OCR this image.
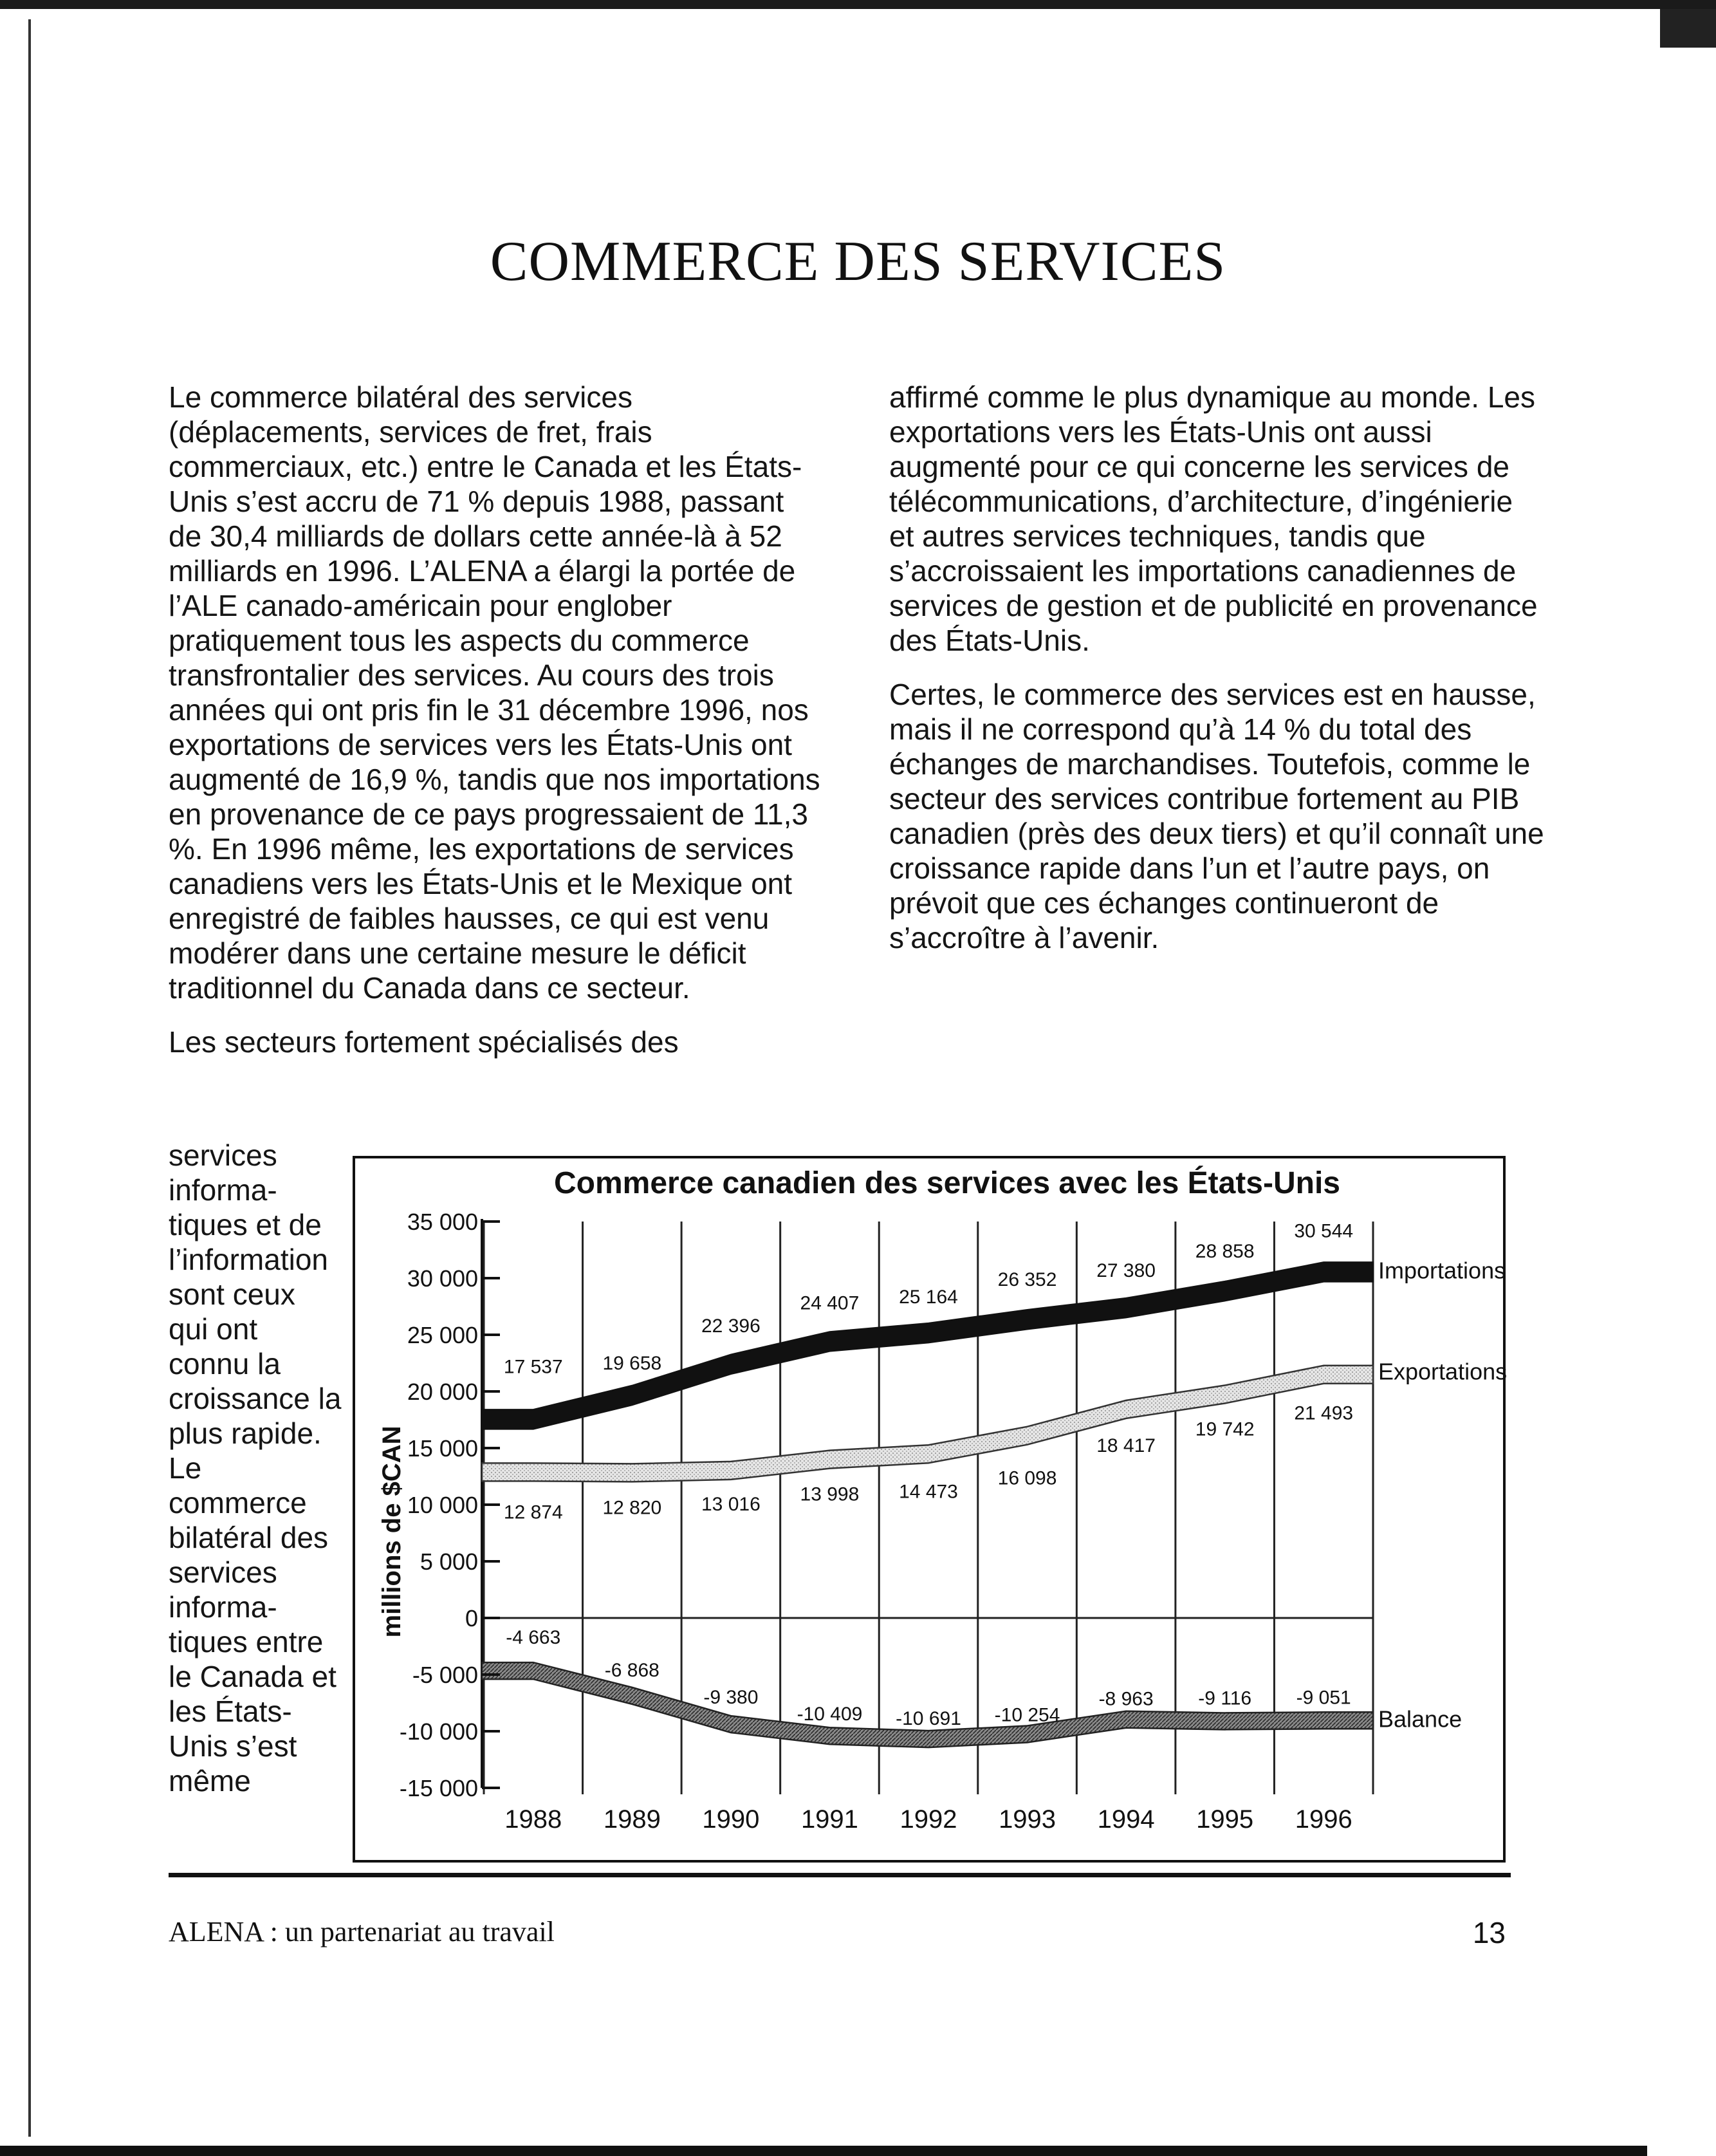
COMMERCE DES SERVICES

Le commerce bilatéral des services (déplacements, services de fret, frais commerciaux, etc.) entre le Canada et les États-Unis s’est accru de 71 % depuis 1988, passant de 30,4 milliards de dollars cette année-là à 52 milliards en 1996. L’ALENA a élargi la portée de l’ALE canado-américain pour englober pratiquement tous les aspects du commerce transfrontalier des services. Au cours des trois années qui ont pris fin le 31 décembre 1996, nos exportations de services vers les États-Unis ont augmenté de 16,9 %, tandis que nos importations en provenance de ce pays progressaient de 11,3 %. En 1996 même, les exportations de services canadiens vers les États-Unis et le Mexique ont enregistré de faibles hausses, ce qui est venu modérer dans une certaine mesure le déficit traditionnel du Canada dans ce secteur.

Les secteurs fortement spécialisés des

services informa-tiques et de l’information sont ceux qui ont connu la croissance la plus rapide. Le commerce bilatéral des services informa-tiques entre le Canada et les États-Unis s’est même

affirmé comme le plus dynamique au monde. Les exportations vers les États-Unis ont aussi augmenté pour ce qui concerne les services de télécommunications, d’architecture, d’ingénierie et autres services techniques, tandis que s’accroissaient les importations canadiennes de services de gestion et de publicité en provenance des États-Unis.

Certes, le commerce des services est en hausse, mais il ne correspond qu’à 14 % du total des échanges de marchandises. Toutefois, comme le secteur des services contribue fortement au PIB canadien (près des deux tiers) et qu’il connaît une croissance rapide dans l’un et l’autre pays, on prévoit que ces échanges continueront de s’accroître à l’avenir.

Commerce canadien des services avec les États-Unis
millions de $CAN
35 000
30 000
25 000
20 000
15 000
10 000
5 000
0
-5 000
-10 000
-15 000
17 537 19 658
22 396
24 407 25 164
26 352 27 380
28 858
30 544
12 874 12 820 13 016 13 998 14 473
16 098
18 417
19 742
21 493
-4 663
-6 868
-9 380
-10 409 -10 691 -10 254
-8 963 -9 116 -9 051
Importations
Exportations
Balance
1988 1989 1990 1991 1992 1993 1994 1995 1996
ALENA : un partenariat au travail	13
